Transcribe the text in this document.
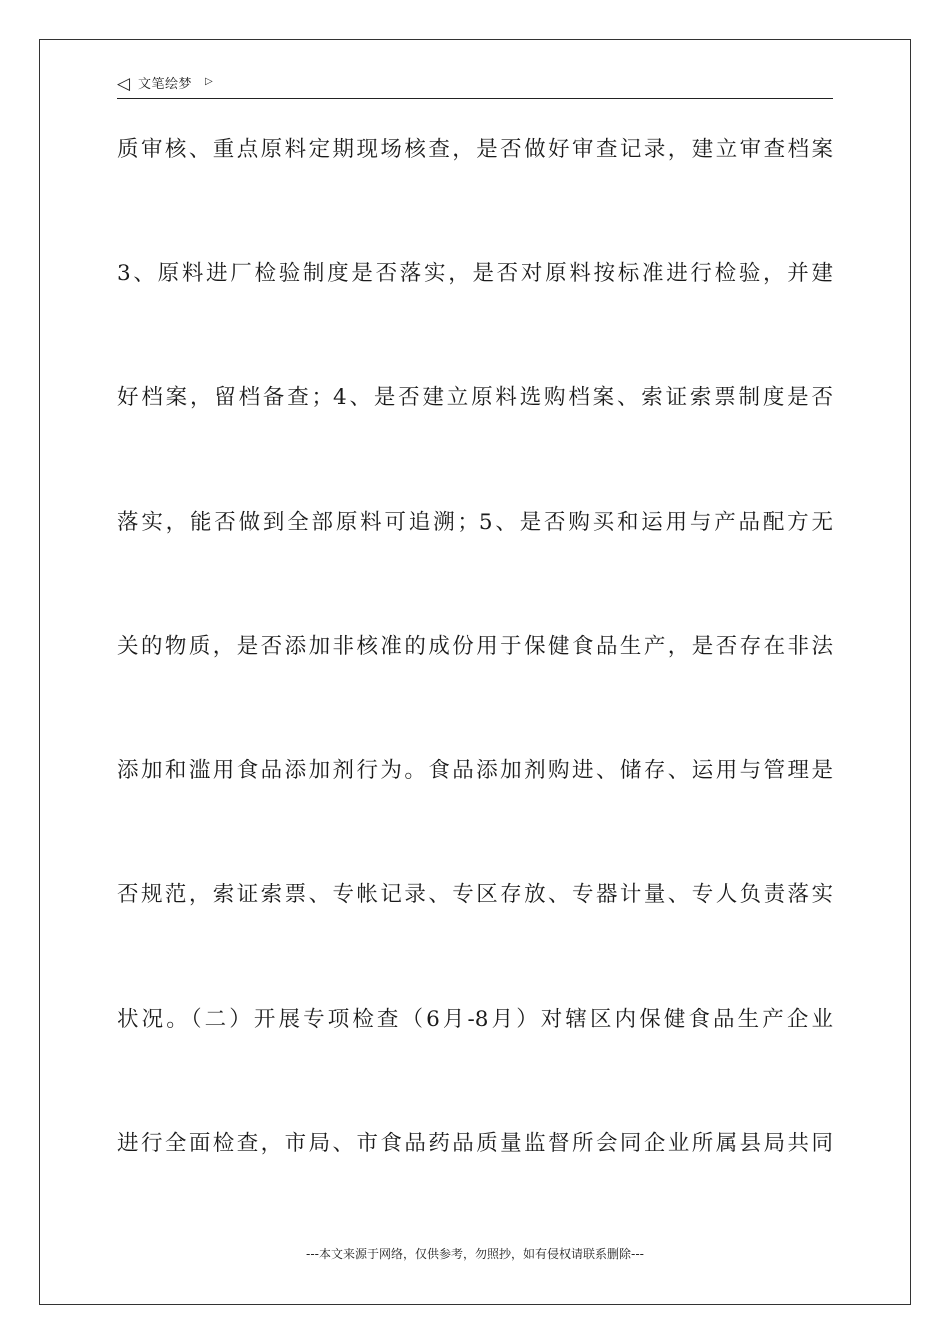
◁ 文笔绘梦 ▷
质审核、重点原料定期现场核查，是否做好审查记录，建立审查档案
3、原料进厂检验制度是否落实，是否对原料按标准进行检验，并建
好档案，留档备查；4、是否建立原料选购档案、索证索票制度是否
落实，能否做到全部原料可追溯；5、是否购买和运用与产品配方无
关的物质，是否添加非核准的成份用于保健食品生产，是否存在非法
添加和滥用食品添加剂行为。食品添加剂购进、储存、运用与管理是
否规范，索证索票、专帐记录、专区存放、专器计量、专人负责落实
状况。（二）开展专项检查（6月-8月）对辖区内保健食品生产企业
进行全面检查，市局、市食品药品质量监督所会同企业所属县局共同
---本文来源于网络，仅供参考，勿照抄，如有侵权请联系删除---
